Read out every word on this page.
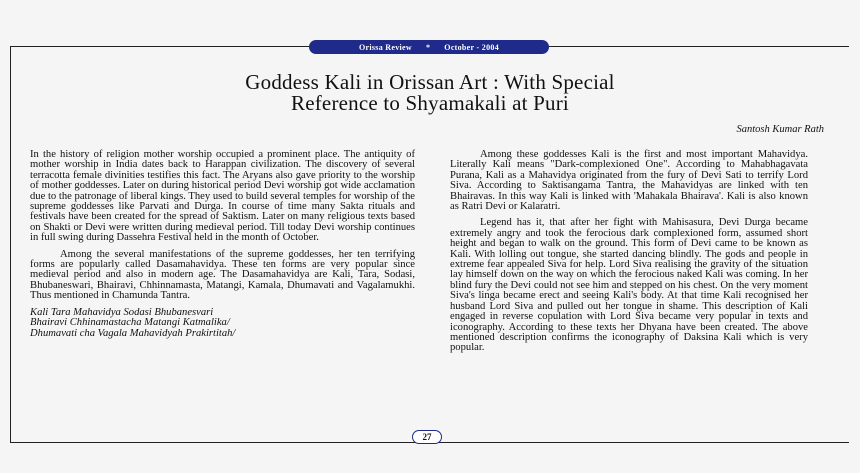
Orissa Review * October - 2004
Goddess Kali in Orissan Art : With Special
Reference to Shyamakali at Puri
Santosh Kumar Rath

In the history of religion mother worship occupied a prominent place. The antiquity of mother worship in India dates back to Harappan civilization. The discovery of several terracotta female divinities testifies this fact. The Aryans also gave priority to the worship of mother goddesses. Later on during historical period Devi worship got wide acclamation due to the patronage of liberal kings. They used to build several temples for worship of the supreme goddesses like Parvati and Durga. In course of time many Sakta rituals and festivals have been created for the spread of Saktism. Later on many religious texts based on Shakti or Devi were written during medieval period. Till today Devi worship continues in full swing during Dassehra Festival held in the month of October.

Among the several manifestations of the supreme goddesses, her ten terrifying forms are popularly called Dasamahavidya. These ten forms are very popular since medieval period and also in modern age. The Dasamahavidya are Kali, Tara, Sodasi, Bhubaneswari, Bhairavi, Chhinnamasta, Matangi, Kamala, Dhumavati and Vagalamukhi. Thus mentioned in Chamunda Tantra.

Kali Tara Mahavidya Sodasi Bhubanesvari
Bhairavi Chhinamastacha Matangi Katmalika/
Dhumavati cha Vagala Mahavidyah Prakirtitah/

Among these goddesses Kali is the first and most important Mahavidya. Literally Kali means "Dark-complexioned One". According to Mahabhagavata Purana, Kali as a Mahavidya originated from the fury of Devi Sati to terrify Lord Siva. According to Saktisangama Tantra, the Mahavidyas are linked with ten Bhairavas. In this way Kali is linked with 'Mahakala Bhairava'. Kali is also known as Ratri Devi or Kalaratri.

Legend has it, that after her fight with Mahisasura, Devi Durga became extremely angry and took the ferocious dark complexioned form, assumed short height and began to walk on the ground. This form of Devi came to be known as Kali. With lolling out tongue, she started dancing blindly. The gods and people in extreme fear appealed Siva for help. Lord Siva realising the gravity of the situation lay himself down on the way on which the ferocious naked Kali was coming. In her blind fury the Devi could not see him and stepped on his chest. On the very moment Siva's linga became erect and seeing Kali's body. At that time Kali recognised her husband Lord Siva and pulled out her tongue in shame. This description of Kali engaged in reverse copulation with Lord Siva became very popular in texts and iconography. According to these texts her Dhyana have been created. The above mentioned description confirms the iconography of Daksina Kali which is very popular.

27
